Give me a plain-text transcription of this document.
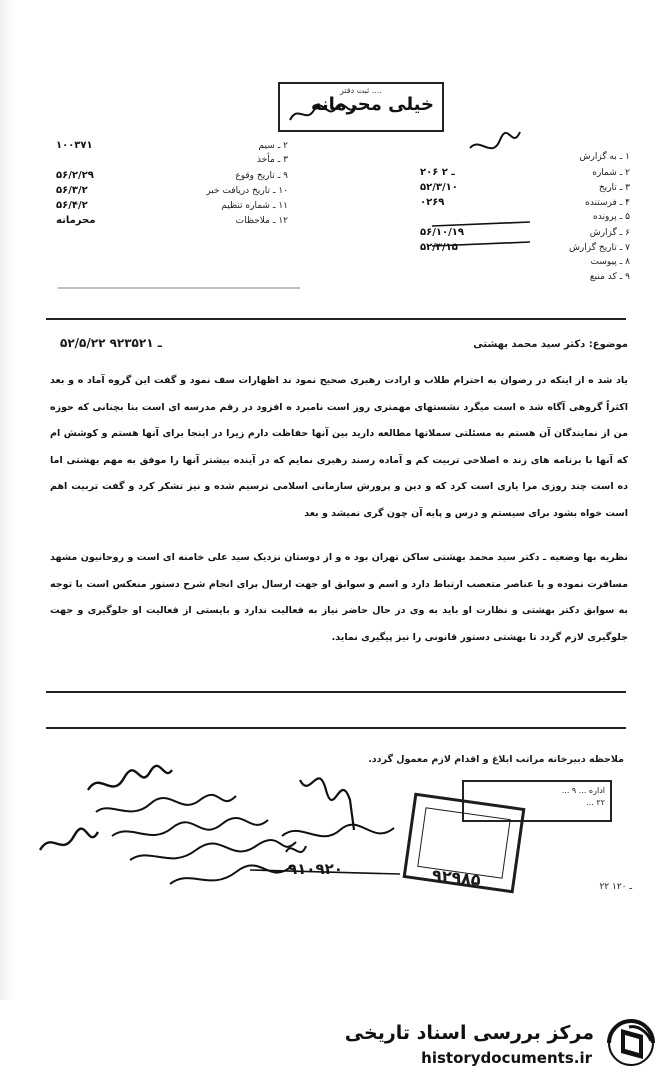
ثبت دفتر ....
خیلی محرمانه
۱ ـ به گزارش
۲ ـ شماره
۲۰۶ ـ ۲
۳ ـ تاریخ
۵۲/۳/۱۰
۴ ـ فرستنده
۰۲۶۹
۵ ـ پرونده
۶ ـ گزارش
۵۶/۱۰/۱۹
۷ ـ تاریخ گزارش
۵۲/۳/۱۵
۸ ـ پیوست
۹ ـ کد منبع
۲ ـ سیم
۱۰۰۳۷۱
۳ ـ مأخذ
۹ ـ تاریخ وقوع
۵۶/۲/۲۹
۱۰ ـ تاریخ دریافت خبر
۵۶/۳/۲
۱۱ ـ شماره تنظیم
۵۶/۴/۲
۱۲ ـ ملاحظات
محرمانه
موضوع: دکتر سید محمد بهشتی
۵۲/۵/۲۲ ـ ۹۲۳۵۲۱

یاد شد ه از اینکه در رضوان به احترام طلاب و ارادت رهبری صحیح نمود ند اظهارات سف نمود و گفت این گروه آماد ه و بعد اکثراً گروهی آگاه شد ه است میگرد نشستهای مهمتری روز است نامبرد ه افزود در رقم مدرسه ای است بنا بچنانی که حوزه من از نمایندگان آن هستم به مسئلتی سملاتها مطالعه دارید بین آنها حفاظت دارم زیرا در اینجا برای آنها هستم و کوشش ام که آنها با برنامه های زند ه اصلاحی تربیت کم و آماده رسند رهبری نمایم که در آینده بیشتر آنها را موفق به مهم بهشتی اما ده است چند روزی مرا یاری است کرد که و دین و پرورش سازمانی اسلامی ترسیم شده و نیز تشکر کرد و گفت تربیت اهم است خواه بشود برای سیستم و درس و پایه آن چون گری نمیشد و بعد

نظریه بها وضعیه ـ دکتر سید محمد بهشتی ساکن تهران بود ه و از دوستان نزدیک سید علی خامنه ای است و روحانیون مشهد مسافرت نموده و با عناصر متعصب ارتباط دارد و اسم و سوابق او جهت ارسال برای انجام شرح دستور منعکس است با توجه به سوابق دکتر بهشتی و نظارت او باید به وی در حال حاضر نیاز به فعالیت ندارد و بایستی از فعالیت او جلوگیری و جهت جلوگیری لازم گردد تا بهشتی دستور قانونی را نیز پیگیری نماید.

ملاحظه دبیرخانه مراتب ابلاغ و اقدام لازم معمول گردد.
اداره ... ۹ ...
۲۲ ...
۹۲۹۸۵
۹۱۰۹۲۰
۲۲ ـ ۱۲۰
مرکز بررسی اسناد تاریخی
historydocuments.ir
